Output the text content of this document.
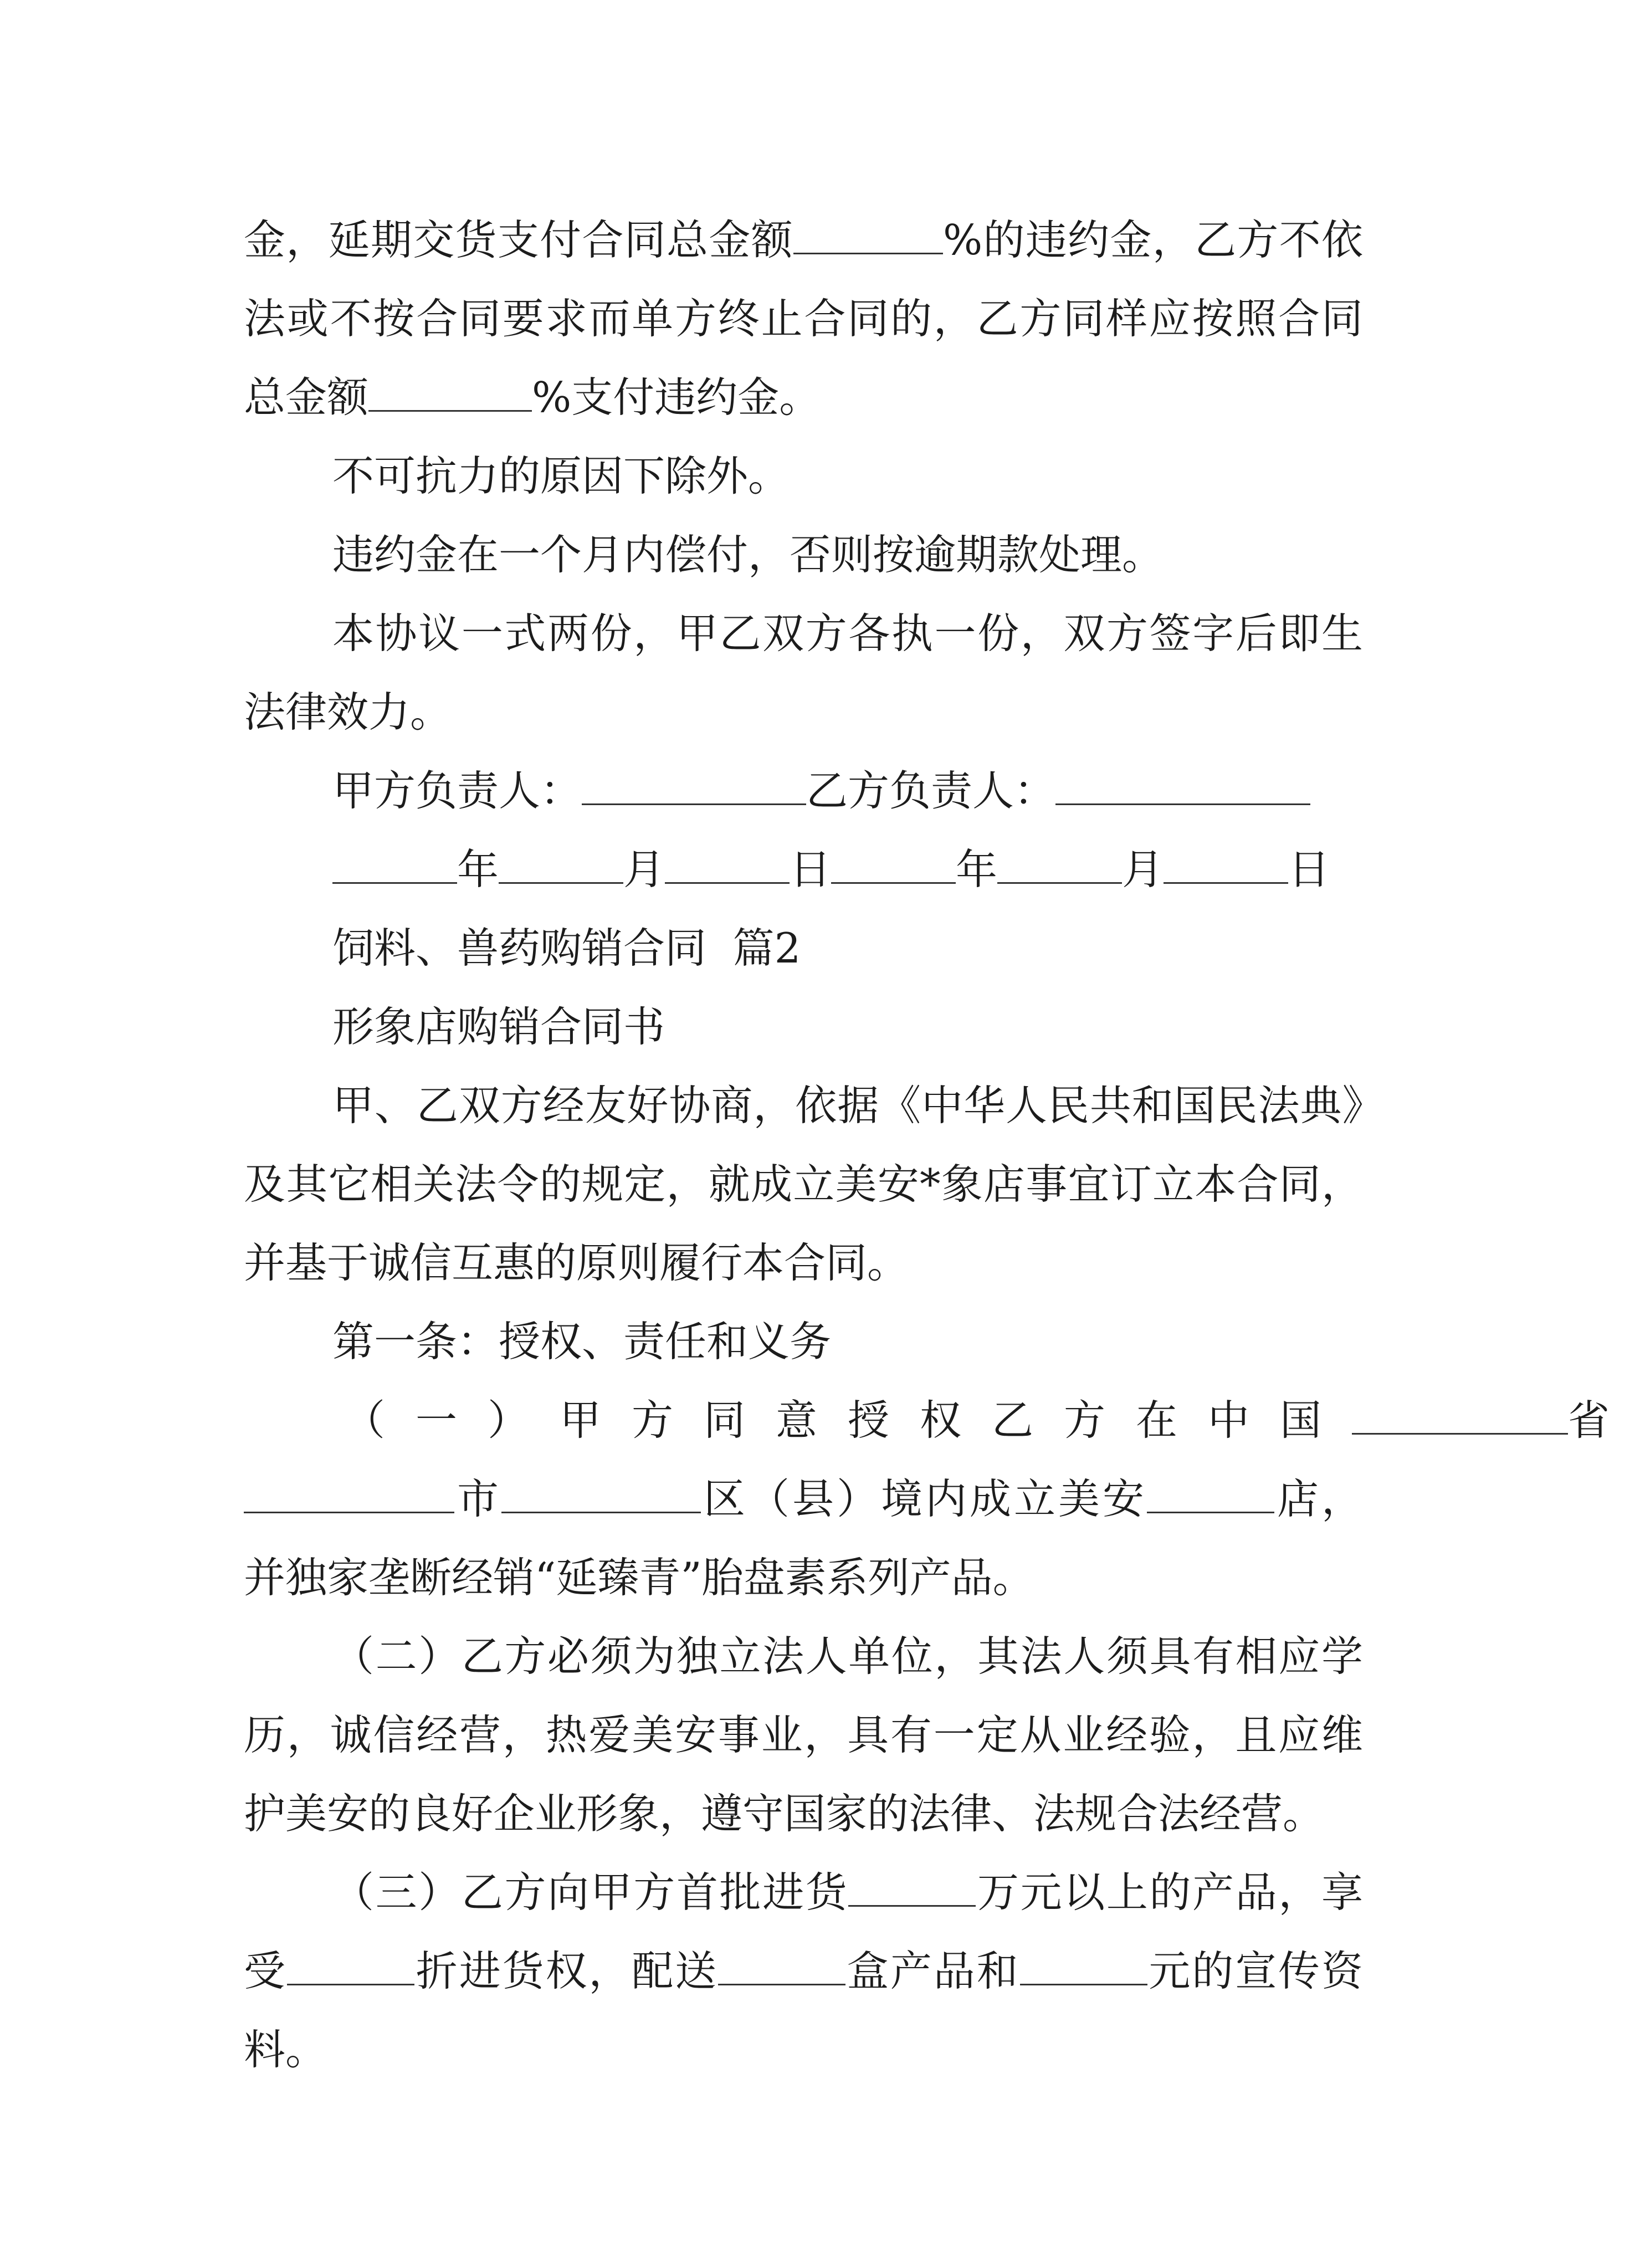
金，延期交货支付合同总金额	%的违约金，乙方不依法或不按合同要求而单方终止合同的，乙方同样应按照合同总金额	%支付违约金。

不可抗力的原因下除外。

违约金在一个月内偿付，否则按逾期款处理。

本协议一式两份，甲乙双方各执一份，双方签字后即生法律效力。

甲方负责人：	乙方负责人：
年	月	日	年	月	日
饲料、兽药购销合同  篇2
形象店购销合同书

甲、乙双方经友好协商，依据《中华人民共和国民法典》及其它相关法令的规定，就成立美安*象店事宜订立本合同，并基于诚信互惠的原则履行本合同。

第一条：授权、责任和义务
（一）甲方同意授权乙方在中国	省

市	区（县）境内成立美安	店，并独家垄断经销“延臻青”胎盘素系列产品。

（二）乙方必须为独立法人单位，其法人须具有相应学历，诚信经营，热爱美安事业，具有一定从业经验，且应维护美安的良好企业形象，遵守国家的法律、法规合法经营。

（三）乙方向甲方首批进货	万元以上的产品，享受	折进货权，配送	盒产品和	元的宣传资料。
